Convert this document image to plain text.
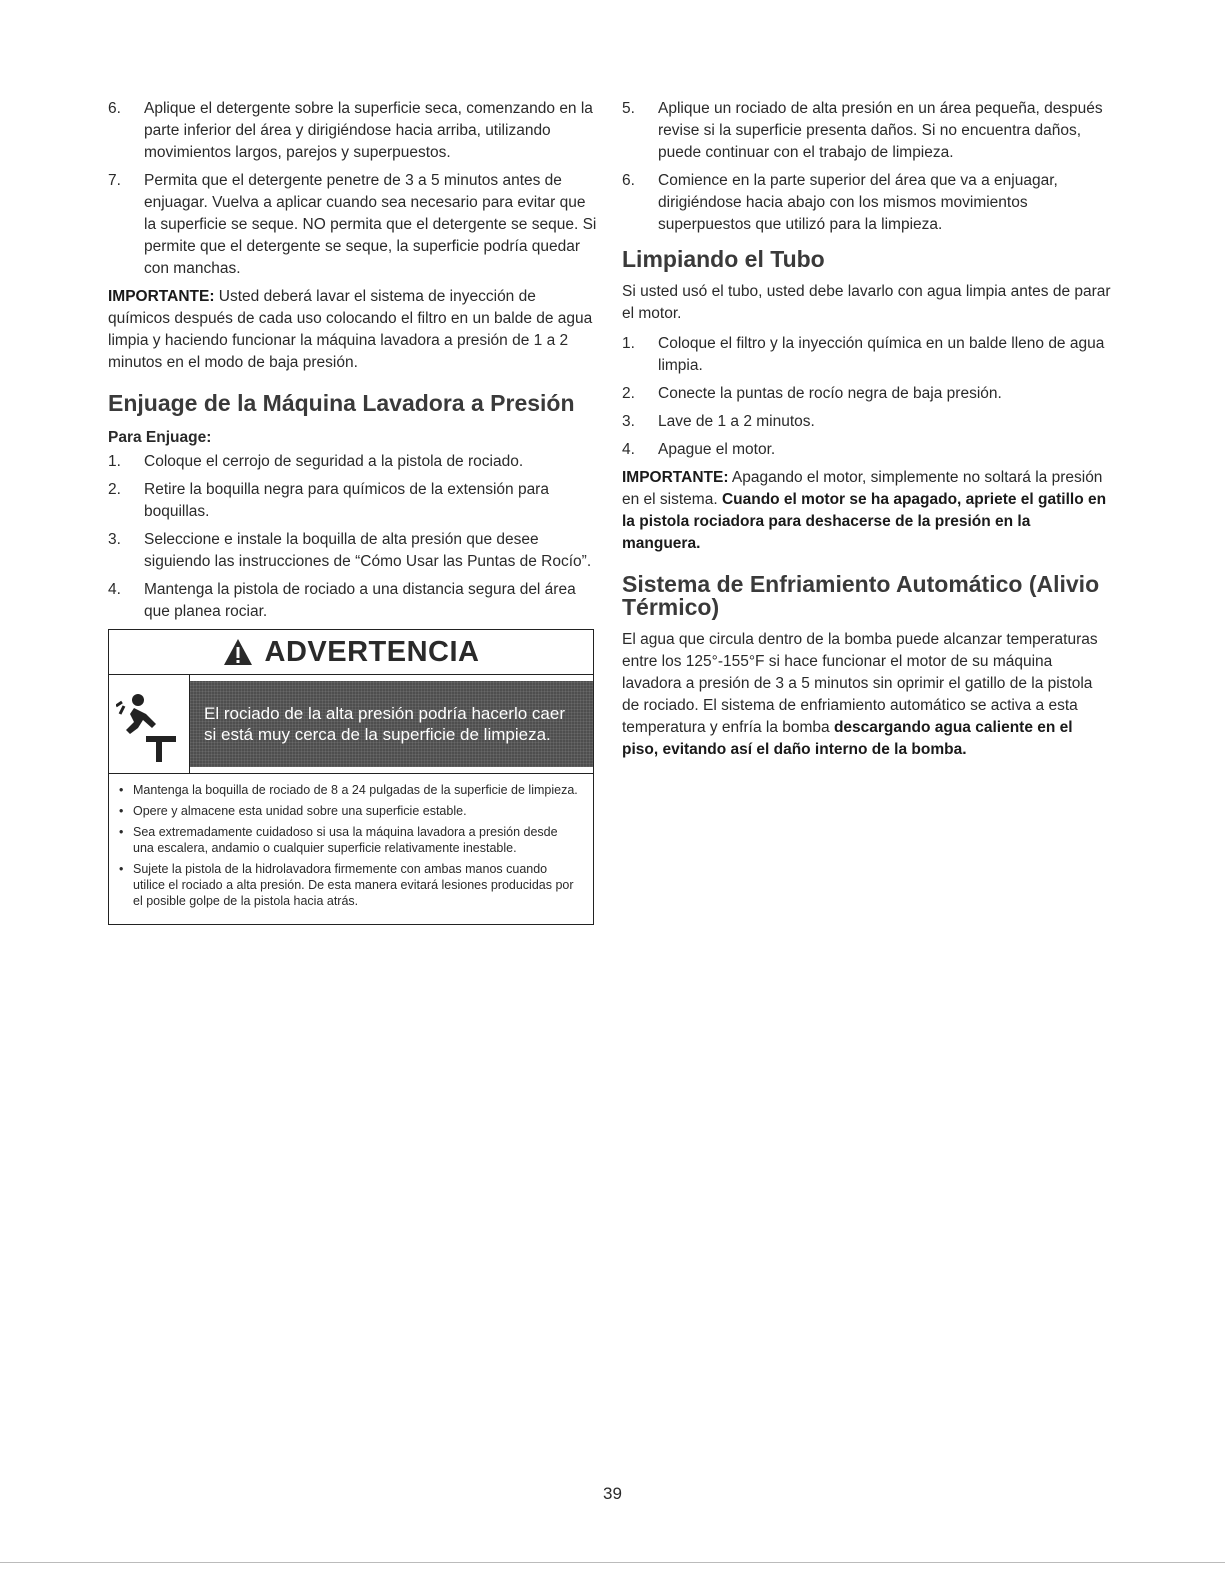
6. Aplique el detergente sobre la superficie seca, comenzando en la parte inferior del área y dirigiéndose hacia arriba, utilizando movimientos largos, parejos y superpuestos.
7. Permita que el detergente penetre de 3 a 5 minutos antes de enjuagar. Vuelva a aplicar cuando sea necesario para evitar que la superficie se seque. NO permita que el detergente se seque. Si permite que el detergente se seque, la superficie podría quedar con manchas.

IMPORTANTE: Usted deberá lavar el sistema de inyección de químicos después de cada uso colocando el filtro en un balde de agua limpia y haciendo funcionar la máquina lavadora a presión de 1 a 2 minutos en el modo de baja presión.

Enjuage de la Máquina Lavadora a Presión
Para Enjuage:
1. Coloque el cerrojo de seguridad a la pistola de rociado.
2. Retire la boquilla negra para químicos de la extensión para boquillas.
3. Seleccione e instale la boquilla de alta presión que desee siguiendo las instrucciones de “Cómo Usar las Puntas de Rocío”.
4. Mantenga la pistola de rociado a una distancia segura del área que planea rociar.
ADVERTENCIA
El rociado de la alta presión podría hacerlo caer
si está muy cerca de la superficie de limpieza.
• Mantenga la boquilla de rociado de 8 a 24 pulgadas de la superficie de limpieza.
• Opere y almacene esta unidad sobre una superficie estable.
• Sea extremadamente cuidadoso si usa la máquina lavadora a presión desde una escalera, andamio o cualquier superficie relativamente inestable.
• Sujete la pistola de la hidrolavadora firmemente con ambas manos cuando utilice el rociado a alta presión. De esta manera evitará lesiones producidas por el posible golpe de la pistola hacia atrás.
5. Aplique un rociado de alta presión en un área pequeña, después revise si la superficie presenta daños. Si no encuentra daños, puede continuar con el trabajo de limpieza.
6. Comience en la parte superior del área que va a enjuagar, dirigiéndose hacia abajo con los mismos movimientos superpuestos que utilizó para la limpieza.
Limpiando el Tubo

Si usted usó el tubo, usted debe lavarlo con agua limpia antes de parar el motor.

1. Coloque el filtro y la inyección química en un balde lleno de agua limpia.
2. Conecte la puntas de rocío negra de baja presión.
3. Lave de 1 a 2 minutos.
4. Apague el motor.

IMPORTANTE: Apagando el motor, simplemente no soltará la presión en el sistema. Cuando el motor se ha apagado, apriete el gatillo en la pistola rociadora para deshacerse de la presión en la manguera.

Sistema de Enfriamiento Automático (Alivio Térmico)

El agua que circula dentro de la bomba puede alcanzar temperaturas entre los 125°-155°F si hace funcionar el motor de su máquina lavadora a presión de 3 a 5 minutos sin oprimir el gatillo de la pistola de rociado. El sistema de enfriamiento automático se activa a esta temperatura y enfría la bomba descargando agua caliente en el piso, evitando así el daño interno de la bomba.

39
